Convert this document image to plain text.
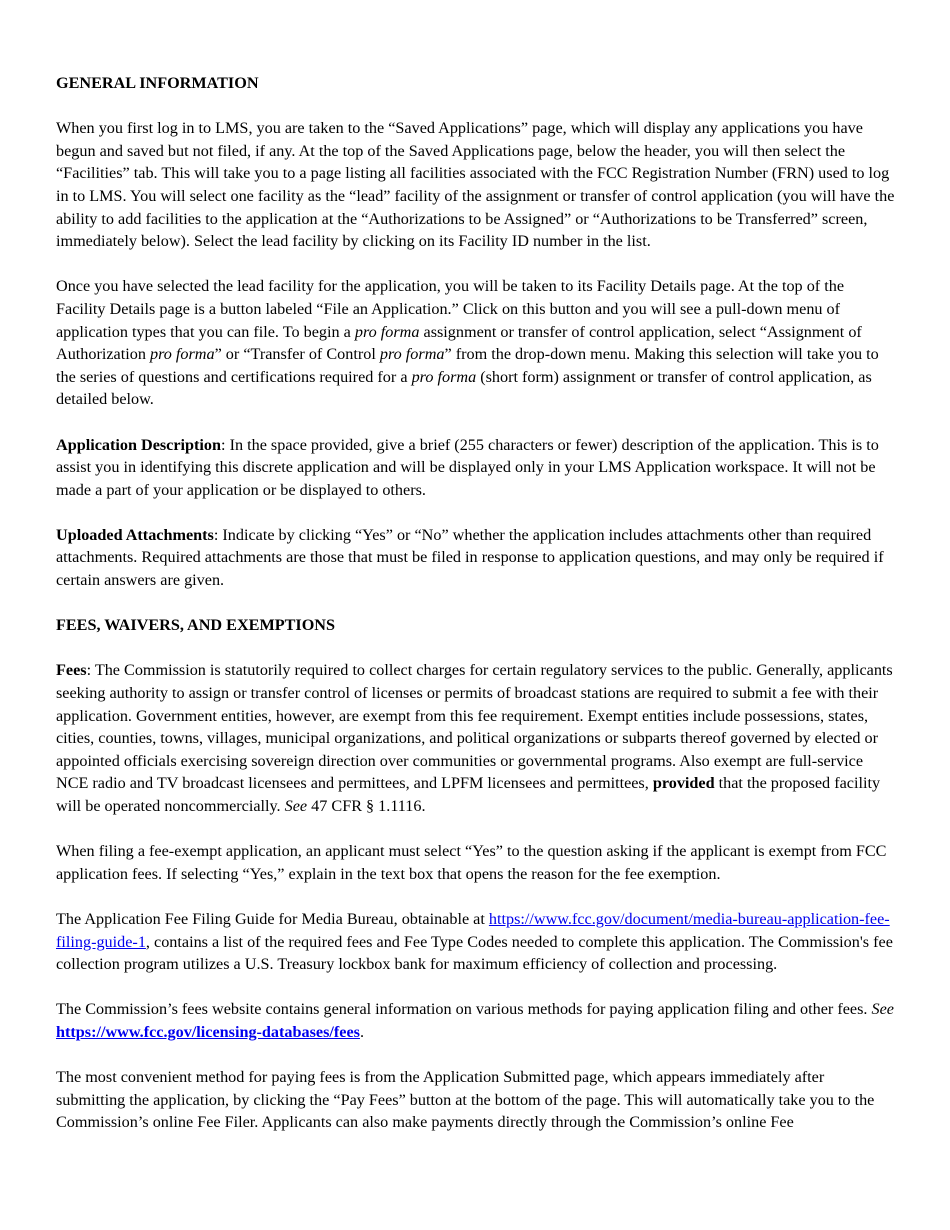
GENERAL INFORMATION

When you first log in to LMS, you are taken to the “Saved Applications” page, which will display any applications you have begun and saved but not filed, if any. At the top of the Saved Applications page, below the header, you will then select the “Facilities” tab. This will take you to a page listing all facilities associated with the FCC Registration Number (FRN) used to log in to LMS. You will select one facility as the “lead” facility of the assignment or transfer of control application (you will have the ability to add facilities to the application at the “Authorizations to be Assigned” or “Authorizations to be Transferred” screen, immediately below). Select the lead facility by clicking on its Facility ID number in the list.

Once you have selected the lead facility for the application, you will be taken to its Facility Details page. At the top of the Facility Details page is a button labeled “File an Application.” Click on this button and you will see a pull-down menu of application types that you can file. To begin a pro forma assignment or transfer of control application, select “Assignment of Authorization pro forma” or “Transfer of Control pro forma” from the drop-down menu. Making this selection will take you to the series of questions and certifications required for a pro forma (short form) assignment or transfer of control application, as detailed below.

Application Description: In the space provided, give a brief (255 characters or fewer) description of the application. This is to assist you in identifying this discrete application and will be displayed only in your LMS Application workspace. It will not be made a part of your application or be displayed to others.

Uploaded Attachments: Indicate by clicking “Yes” or “No” whether the application includes attachments other than required attachments. Required attachments are those that must be filed in response to application questions, and may only be required if certain answers are given.

FEES, WAIVERS, AND EXEMPTIONS

Fees: The Commission is statutorily required to collect charges for certain regulatory services to the public. Generally, applicants seeking authority to assign or transfer control of licenses or permits of broadcast stations are required to submit a fee with their application. Government entities, however, are exempt from this fee requirement. Exempt entities include possessions, states, cities, counties, towns, villages, municipal organizations, and political organizations or subparts thereof governed by elected or appointed officials exercising sovereign direction over communities or governmental programs. Also exempt are full-service NCE radio and TV broadcast licensees and permittees, and LPFM licensees and permittees, provided that the proposed facility will be operated noncommercially. See 47 CFR § 1.1116.

When filing a fee-exempt application, an applicant must select “Yes” to the question asking if the applicant is exempt from FCC application fees. If selecting “Yes,” explain in the text box that opens the reason for the fee exemption.

The Application Fee Filing Guide for Media Bureau, obtainable at https://www.fcc.gov/document/media-bureau-application-fee-filing-guide-1, contains a list of the required fees and Fee Type Codes needed to complete this application. The Commission's fee collection program utilizes a U.S. Treasury lockbox bank for maximum efficiency of collection and processing.

The Commission’s fees website contains general information on various methods for paying application filing and other fees. See https://www.fcc.gov/licensing-databases/fees.

The most convenient method for paying fees is from the Application Submitted page, which appears immediately after submitting the application, by clicking the “Pay Fees” button at the bottom of the page. This will automatically take you to the Commission’s online Fee Filer. Applicants can also make payments directly through the Commission’s online Fee
